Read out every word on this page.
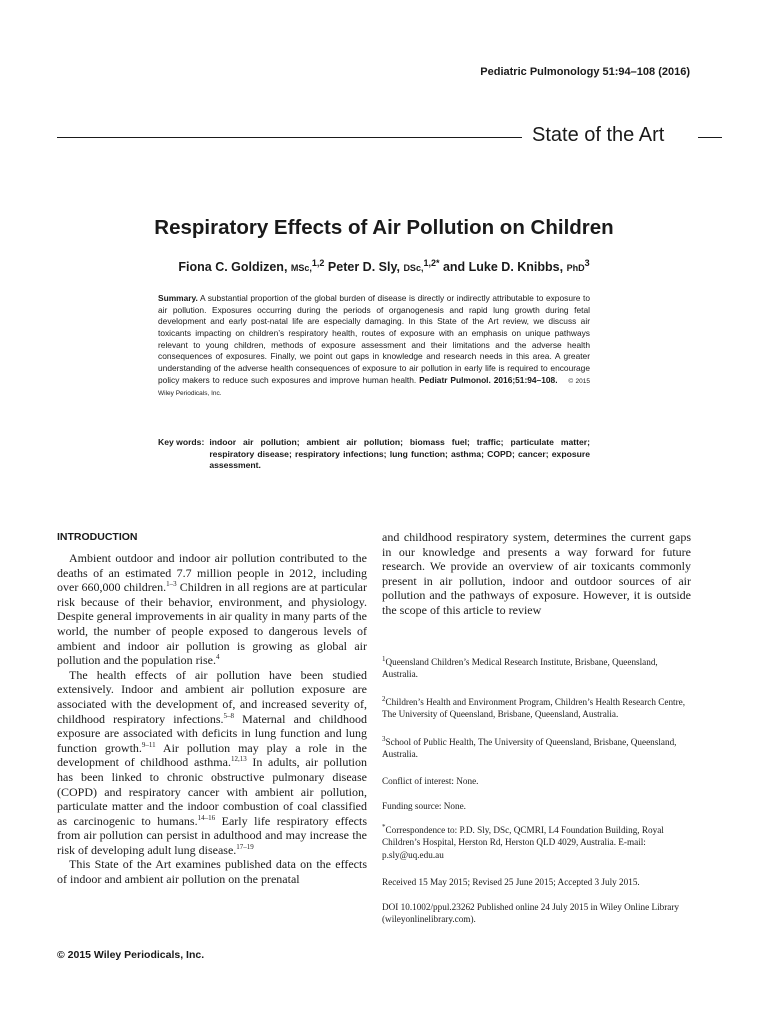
Pediatric Pulmonology 51:94–108 (2016)
State of the Art
Respiratory Effects of Air Pollution on Children
Fiona C. Goldizen, MSc,$^{1,2}$ Peter D. Sly, DSc,$^{1,2*}$ and Luke D. Knibbs, PhD$^3$
Summary. A substantial proportion of the global burden of disease is directly or indirectly attributable to exposure to air pollution. Exposures occurring during the periods of organogenesis and rapid lung growth during fetal development and early post-natal life are especially damaging. In this State of the Art review, we discuss air toxicants impacting on children’s respiratory health, routes of exposure with an emphasis on unique pathways relevant to young children, methods of exposure assessment and their limitations and the adverse health consequences of exposures. Finally, we point out gaps in knowledge and research needs in this area. A greater understanding of the adverse health consequences of exposure to air pollution in early life is required to encourage policy makers to reduce such exposures and improve human health. Pediatr Pulmonol. 2016;51:94–108. © 2015 Wiley Periodicals, Inc.
Key words: indoor air pollution; ambient air pollution; biomass fuel; traffic; particulate matter; respiratory disease; respiratory infections; lung function; asthma; COPD; cancer; exposure assessment.
INTRODUCTION

Ambient outdoor and indoor air pollution contributed to the deaths of an estimated 7.7 million people in 2012, including over 660,000 children.$^{1-3}$ Children in all regions are at particular risk because of their behavior, environment, and physiology. Despite general improvements in air quality in many parts of the world, the number of people exposed to dangerous levels of ambient and indoor air pollution is growing as global air pollution and the population rise.$^4$

The health effects of air pollution have been studied extensively. Indoor and ambient air pollution exposure are associated with the development of, and increased severity of, childhood respiratory infections.$^{5-8}$ Maternal and childhood exposure are associated with deficits in lung function and lung function growth.$^{9-11}$ Air pollution may play a role in the development of childhood asthma.$^{12,13}$ In adults, air pollution has been linked to chronic obstructive pulmonary disease (COPD) and respiratory cancer with ambient air pollution, particulate matter and the indoor combustion of coal classified as carcinogenic to humans.$^{14-16}$ Early life respiratory effects from air pollution can persist in adulthood and may increase the risk of developing adult lung disease.$^{17-19}$

This State of the Art examines published data on the effects of indoor and ambient air pollution on the prenatal

and childhood respiratory system, determines the current gaps in our knowledge and presents a way forward for future research. We provide an overview of air toxicants commonly present in air pollution, indoor and outdoor sources of air pollution and the pathways of exposure. However, it is outside the scope of this article to review

$^1$Queensland Children’s Medical Research Institute, Brisbane, Queensland, Australia.
$^2$Children’s Health and Environment Program, Children’s Health Research Centre, The University of Queensland, Brisbane, Queensland, Australia.
$^3$School of Public Health, The University of Queensland, Brisbane, Queensland, Australia.
Conflict of interest: None.
Funding source: None.
*Correspondence to: P.D. Sly, DSc, QCMRI, L4 Foundation Building, Royal Children’s Hospital, Herston Rd, Herston QLD 4029, Australia. E-mail: p.sly@uq.edu.au
Received 15 May 2015; Revised 25 June 2015; Accepted 3 July 2015.
DOI 10.1002/ppul.23262 Published online 24 July 2015 in Wiley Online Library (wileyonlinelibrary.com).
© 2015 Wiley Periodicals, Inc.
